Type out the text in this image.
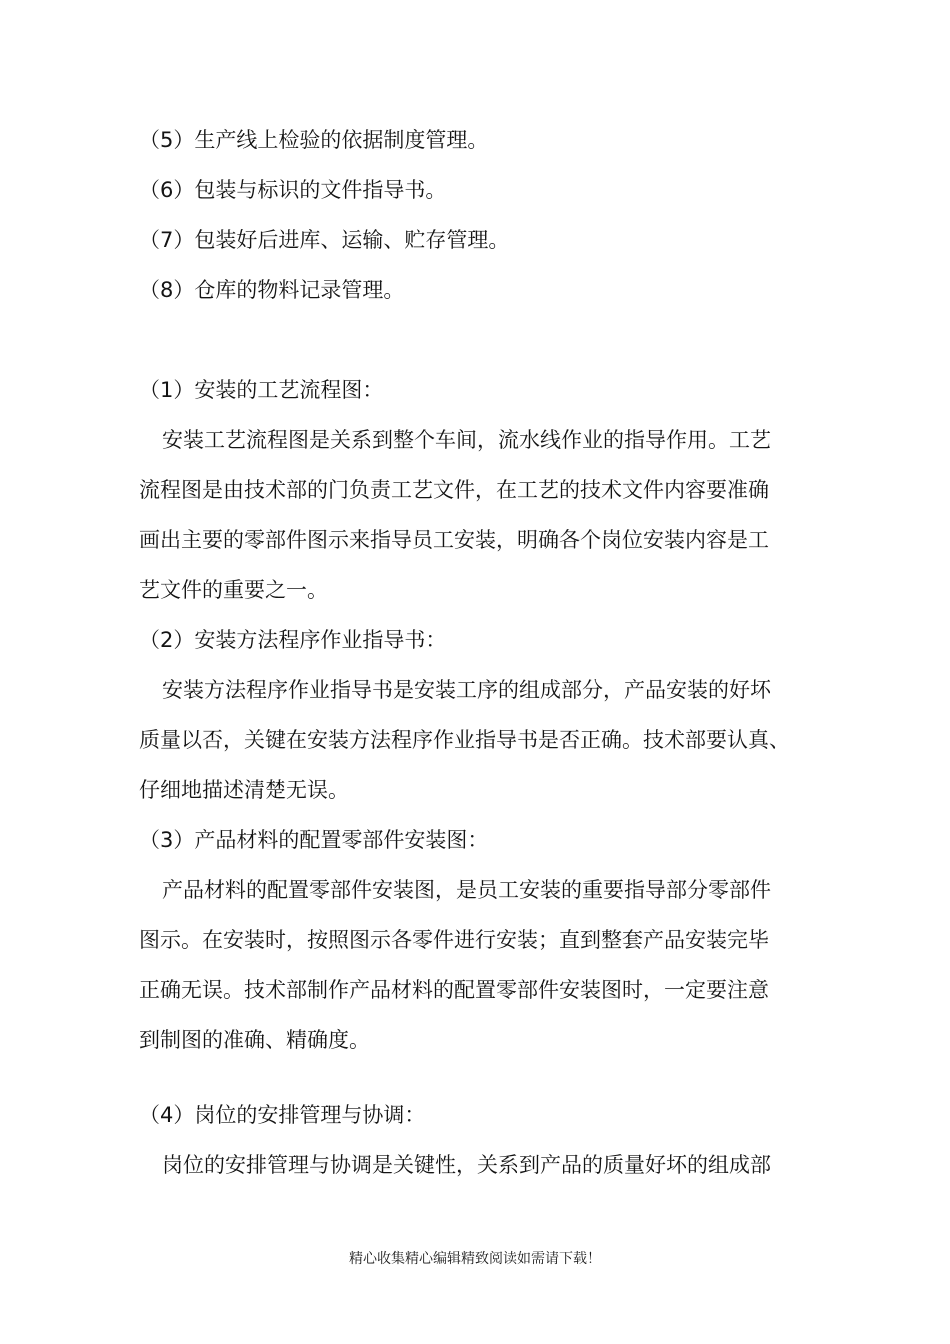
（5）生产线上检验的依据制度管理。
（6）包装与标识的文件指导书。
（7）包装好后进库、运输、贮存管理。
（8）仓库的物料记录管理。
（1）安装的工艺流程图：
安装工艺流程图是关系到整个车间，流水线作业的指导作用。工艺
流程图是由技术部的门负责工艺文件，在工艺的技术文件内容要准确
画出主要的零部件图示来指导员工安装，明确各个岗位安装内容是工
艺文件的重要之一。
（2）安装方法程序作业指导书：
安装方法程序作业指导书是安装工序的组成部分，产品安装的好坏
质量以否，关键在安装方法程序作业指导书是否正确。技术部要认真、
仔细地描述清楚无误。
（3）产品材料的配置零部件安装图：
产品材料的配置零部件安装图，是员工安装的重要指导部分零部件
图示。在安装时，按照图示各零件进行安装；直到整套产品安装完毕
正确无误。技术部制作产品材料的配置零部件安装图时，一定要注意
到制图的准确、精确度。
（4）岗位的安排管理与协调：
岗位的安排管理与协调是关键性，关系到产品的质量好坏的组成部
精心收集精心编辑精致阅读如需请下载！
